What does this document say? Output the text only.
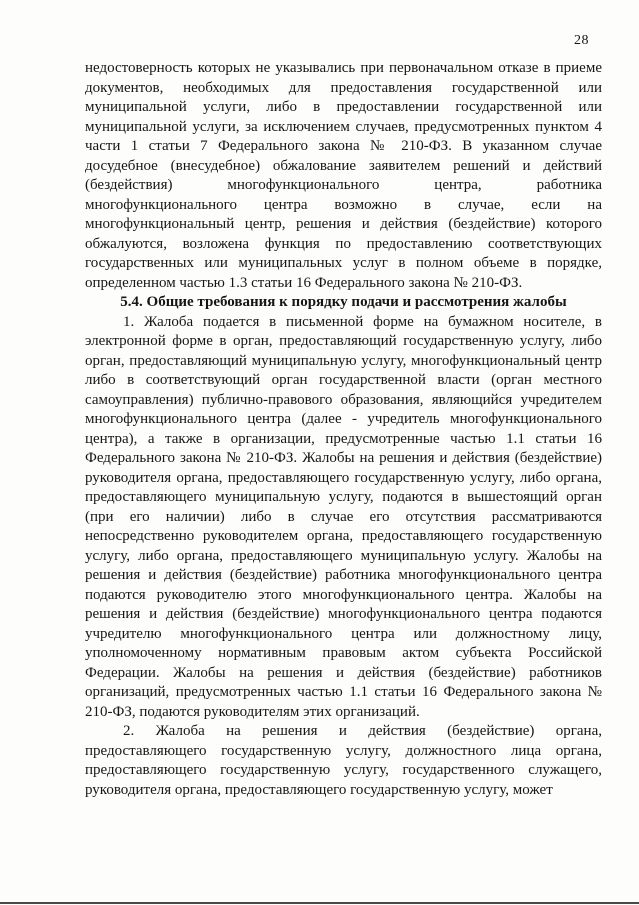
28

недостоверность которых не указывались при первоначальном отказе в приеме документов, необходимых для предоставления государственной или муниципальной услуги, либо в предоставлении государственной или муниципальной услуги, за исключением случаев, предусмотренных пунктом 4 части 1 статьи 7 Федерального закона № 210-ФЗ. В указанном случае досудебное (внесудебное) обжалование заявителем решений и действий (бездействия) многофункционального центра, работника многофункционального центра возможно в случае, если на многофункциональный центр, решения и действия (бездействие) которого обжалуются, возложена функция по предоставлению соответствующих государственных или муниципальных услуг в полном объеме в порядке, определенном частью 1.3 статьи 16 Федерального закона № 210-ФЗ.

5.4. Общие требования к порядку подачи и рассмотрения жалобы

1. Жалоба подается в письменной форме на бумажном носителе, в электронной форме в орган, предоставляющий государственную услугу, либо орган, предоставляющий муниципальную услугу, многофункциональный центр либо в соответствующий орган государственной власти (орган местного самоуправления) публично-правового образования, являющийся учредителем многофункционального центра (далее - учредитель многофункционального центра), а также в организации, предусмотренные частью 1.1 статьи 16 Федерального закона № 210-ФЗ. Жалобы на решения и действия (бездействие) руководителя органа, предоставляющего государственную услугу, либо органа, предоставляющего муниципальную услугу, подаются в вышестоящий орган (при его наличии) либо в случае его отсутствия рассматриваются непосредственно руководителем органа, предоставляющего государственную услугу, либо органа, предоставляющего муниципальную услугу. Жалобы на решения и действия (бездействие) работника многофункционального центра подаются руководителю этого многофункционального центра. Жалобы на решения и действия (бездействие) многофункционального центра подаются учредителю многофункционального центра или должностному лицу, уполномоченному нормативным правовым актом субъекта Российской Федерации. Жалобы на решения и действия (бездействие) работников организаций, предусмотренных частью 1.1 статьи 16 Федерального закона № 210-ФЗ, подаются руководителям этих организаций.

2. Жалоба на решения и действия (бездействие) органа, предоставляющего государственную услугу, должностного лица органа, предоставляющего государственную услугу, государственного служащего, руководителя органа, предоставляющего государственную услугу, может
